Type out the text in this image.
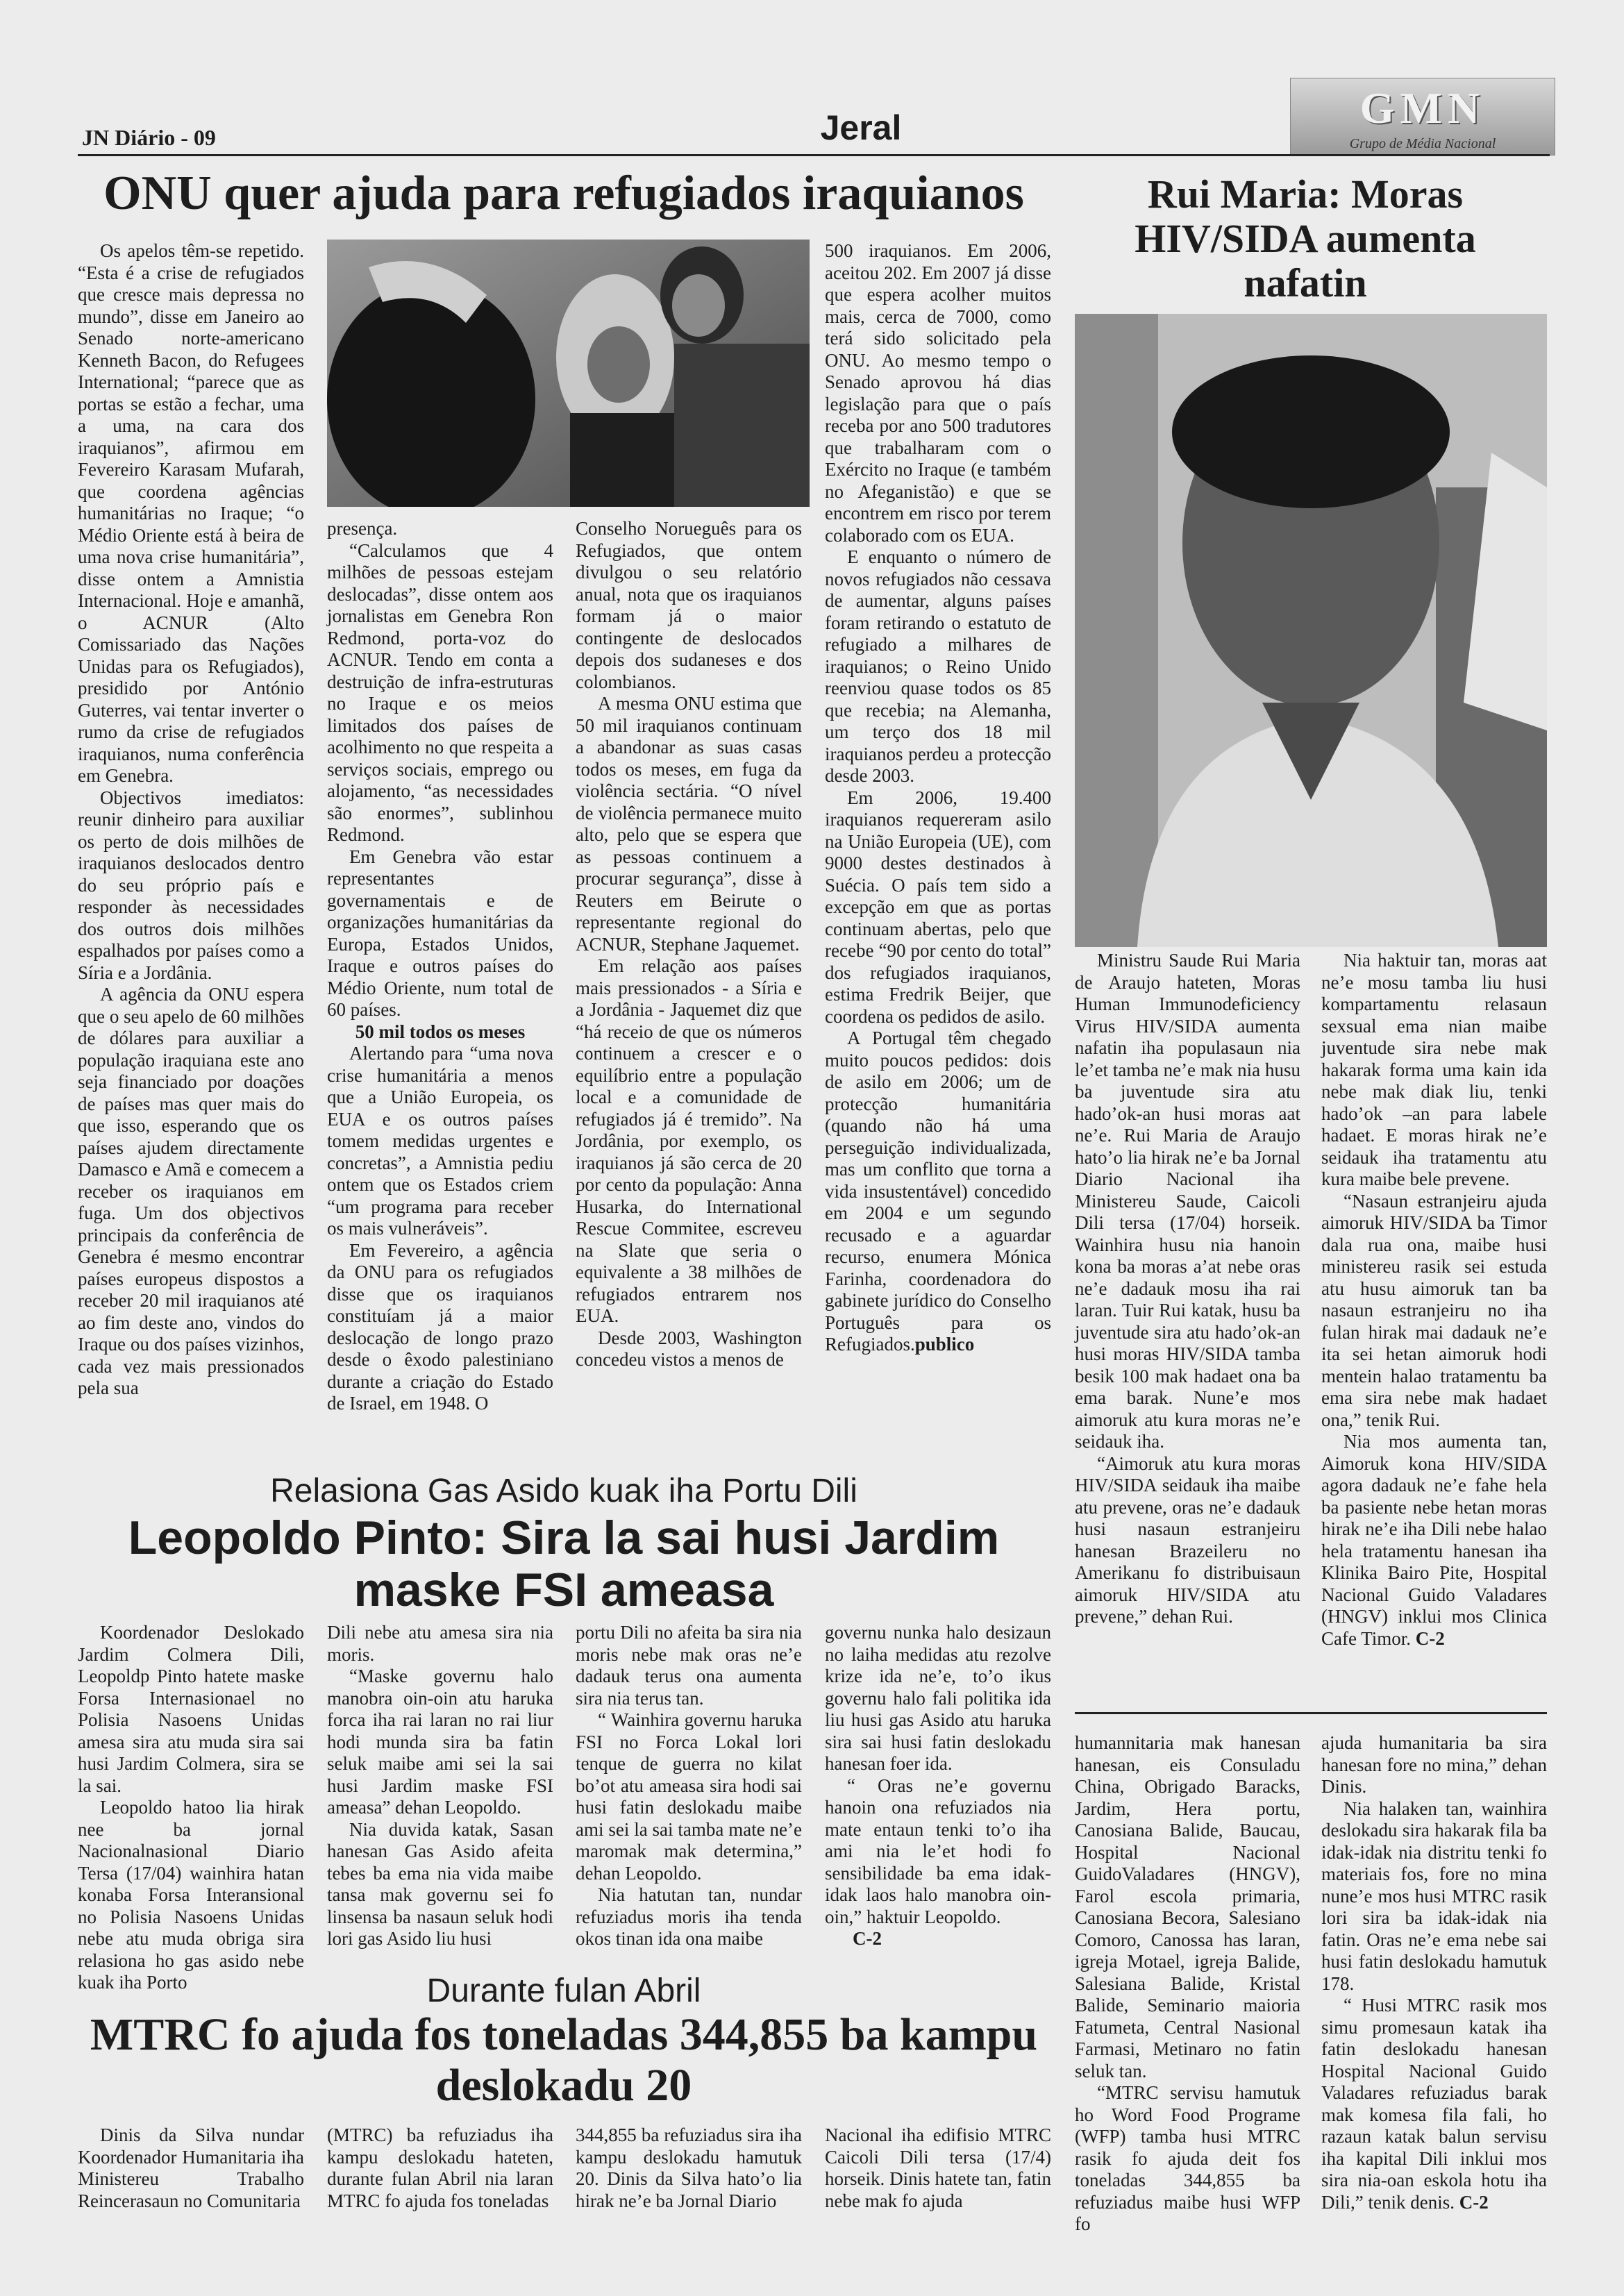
JN Diário - 09	Jeral	GMN
Grupo de Média Nacional
ONU quer ajuda para refugiados iraquianos

Os apelos têm-se repetido. “Esta é a crise de refugiados que cresce mais depressa no mundo”, disse em Janeiro ao Senado norte-americano Kenneth Bacon, do Refugees International; “parece que as portas se estão a fechar, uma a uma, na cara dos iraquianos”, afirmou em Fevereiro Karasam Mufarah, que coordena agências humanitárias no Iraque; “o Médio Oriente está à beira de uma nova crise humanitária”, disse ontem a Amnistia Internacional. Hoje e amanhã, o ACNUR (Alto Comissariado das Nações Unidas para os Refugiados), presidido por António Guterres, vai tentar inverter o rumo da crise de refugiados iraquianos, numa conferência em Genebra.

Objectivos imediatos: reunir dinheiro para auxiliar os perto de dois milhões de iraquianos deslocados dentro do seu próprio país e responder às necessidades dos outros dois milhões espalhados por países como a Síria e a Jordânia.

A agência da ONU espera que o seu apelo de 60 milhões de dólares para auxiliar a população iraquiana este ano seja financiado por doações de países mas quer mais do que isso, esperando que os países ajudem directamente Damasco e Amã e comecem a receber os iraquianos em fuga. Um dos objectivos principais da conferência de Genebra é mesmo encontrar países europeus dispostos a receber 20 mil iraquianos até ao fim deste ano, vindos do Iraque ou dos países vizinhos, cada vez mais pressionados pela sua

presença.

“Calculamos que 4 milhões de pessoas estejam deslocadas”, disse ontem aos jornalistas em Genebra Ron Redmond, porta-voz do ACNUR. Tendo em conta a destruição de infra-estruturas no Iraque e os meios limitados dos países de acolhimento no que respeita a serviços sociais, emprego ou alojamento, “as necessidades são enormes”, sublinhou Redmond.

Em Genebra vão estar representantes governamentais e de organizações humanitárias da Europa, Estados Unidos, Iraque e outros países do Médio Oriente, num total de 60 países.

50 mil todos os meses

Alertando para “uma nova crise humanitária a menos que a União Europeia, os EUA e os outros países tomem medidas urgentes e concretas”, a Amnistia pediu ontem que os Estados criem “um programa para receber os mais vulneráveis”.

Em Fevereiro, a agência da ONU para os refugiados disse que os iraquianos constituíam já a maior deslocação de longo prazo desde o êxodo palestiniano durante a criação do Estado de Israel, em 1948. O

Conselho Norueguês para os Refugiados, que ontem divulgou o seu relatório anual, nota que os iraquianos formam já o maior contingente de deslocados depois dos sudaneses e dos colombianos.

A mesma ONU estima que 50 mil iraquianos continuam a abandonar as suas casas todos os meses, em fuga da violência sectária. “O nível de violência permanece muito alto, pelo que se espera que as pessoas continuem a procurar segurança”, disse à Reuters em Beirute o representante regional do ACNUR, Stephane Jaquemet.

Em relação aos países mais pressionados - a Síria e a Jordânia - Jaquemet diz que “há receio de que os números continuem a crescer e o equilíbrio entre a população local e a comunidade de refugiados já é tremido”. Na Jordânia, por exemplo, os iraquianos já são cerca de 20 por cento da população: Anna Husarka, do International Rescue Commitee, escreveu na Slate que seria o equivalente a 38 milhões de refugiados entrarem nos EUA.

Desde 2003, Washington concedeu vistos a menos de

500 iraquianos. Em 2006, aceitou 202. Em 2007 já disse que espera acolher muitos mais, cerca de 7000, como terá sido solicitado pela ONU. Ao mesmo tempo o Senado aprovou há dias legislação para que o país receba por ano 500 tradutores que trabalharam com o Exército no Iraque (e também no Afeganistão) e que se encontrem em risco por terem colaborado com os EUA.

E enquanto o número de novos refugiados não cessava de aumentar, alguns países foram retirando o estatuto de refugiado a milhares de iraquianos; o Reino Unido reenviou quase todos os 85 que recebia; na Alemanha, um terço dos 18 mil iraquianos perdeu a protecção desde 2003.

Em 2006, 19.400 iraquianos requereram asilo na União Europeia (UE), com 9000 destes destinados à Suécia. O país tem sido a excepção em que as portas continuam abertas, pelo que recebe “90 por cento do total” dos refugiados iraquianos, estima Fredrik Beijer, que coordena os pedidos de asilo.

A Portugal têm chegado muito poucos pedidos: dois de asilo em 2006; um de protecção humanitária (quando não há uma perseguição individualizada, mas um conflito que torna a vida insustentável) concedido em 2004 e um segundo recusado e a aguardar recurso, enumera Mónica Farinha, coordenadora do gabinete jurídico do Conselho Português para os Refugiados.publico

Rui Maria: Moras HIV/SIDA aumenta nafatin

Ministru Saude Rui Maria de Araujo hateten, Moras Human Immunodeficiency Virus HIV/SIDA aumenta nafatin iha populasaun nia le’et tamba ne’e mak nia husu ba juventude sira atu hado’ok-an husi moras aat ne’e. Rui Maria de Araujo hato’o lia hirak ne’e ba Jornal Diario Nacional iha Ministereu Saude, Caicoli Dili tersa (17/04) horseik. Wainhira husu nia hanoin kona ba moras a’at nebe oras ne’e dadauk mosu iha rai laran. Tuir Rui katak, husu ba juventude sira atu hado’ok-an husi moras HIV/SIDA tamba besik 100 mak hadaet ona ba ema barak. Nune’e mos aimoruk atu kura moras ne’e seidauk iha.

“Aimoruk atu kura moras HIV/SIDA seidauk iha maibe atu prevene, oras ne’e dadauk husi nasaun estranjeiru hanesan Brazeileru no Amerikanu fo distribuisaun aimoruk HIV/SIDA atu prevene,” dehan Rui.

Nia haktuir tan, moras aat ne’e mosu tamba liu husi kompartamentu relasaun sexsual ema nian maibe juventude sira nebe mak hakarak forma uma kain ida nebe mak diak liu, tenki hado’ok –an para labele hadaet. E moras hirak ne’e seidauk iha tratamentu atu kura maibe bele prevene.

“Nasaun estranjeiru ajuda aimoruk HIV/SIDA ba Timor dala rua ona, maibe husi ministereu rasik sei estuda atu husu aimoruk tan ba nasaun estranjeiru no iha fulan hirak mai dadauk ne’e ita sei hetan aimoruk hodi mentein halao tratamentu ba ema sira nebe mak hadaet ona,” tenik Rui.

Nia mos aumenta tan, Aimoruk kona HIV/SIDA agora dadauk ne’e fahe hela ba pasiente nebe hetan moras hirak ne’e iha Dili nebe halao hela tratamentu hanesan iha Klinika Bairo Pite, Hospital Nacional Guido Valadares (HNGV) inklui mos Clinica Cafe Timor. C-2

Relasiona Gas Asido kuak iha Portu Dili
Leopoldo Pinto: Sira la sai husi Jardim maske FSI ameasa

Koordenador Deslokado Jardim Colmera Dili, Leopoldp Pinto hatete maske Forsa Internasionael no Polisia Nasoens Unidas amesa sira atu muda sira sai husi Jardim Colmera, sira se la sai.

Leopoldo hatoo lia hirak nee ba jornal Nacionalnasional Diario Tersa (17/04) wainhira hatan konaba Forsa Interansional no Polisia Nasoens Unidas nebe atu muda obriga sira relasiona ho gas asido nebe kuak iha Porto

Dili nebe atu amesa sira nia moris.

“Maske governu halo manobra oin-oin atu haruka forca iha rai laran no rai liur hodi munda sira ba fatin seluk maibe ami sei la sai husi Jardim maske FSI ameasa” dehan Leopoldo.

Nia duvida katak, Sasan hanesan Gas Asido afeita tebes ba ema nia vida maibe tansa mak governu sei fo linsensa ba nasaun seluk hodi lori gas Asido liu husi

portu Dili no afeita ba sira nia moris nebe mak oras ne’e dadauk terus ona aumenta sira nia terus tan.

“ Wainhira governu haruka FSI no Forca Lokal lori tenque de guerra no kilat bo’ot atu ameasa sira hodi sai husi fatin deslokadu maibe ami sei la sai tamba mate ne’e maromak mak determina,” dehan Leopoldo.

Nia hatutan tan, nundar refuziadus moris iha tenda okos tinan ida ona maibe

governu nunka halo desizaun no laiha medidas atu rezolve krize ida ne’e, to’o ikus governu halo fali politika ida liu husi gas Asido atu haruka sira sai husi fatin deslokadu hanesan foer ida.

“ Oras ne’e governu hanoin ona refuziados nia mate entaun tenki to’o iha ami nia le’et hodi fo sensibilidade ba ema idak-idak laos halo manobra oin-oin,” haktuir Leopoldo.

C-2

Durante fulan Abril
MTRC fo ajuda fos toneladas 344,855 ba kampu deslokadu 20

Dinis da Silva nundar Koordenador Humanitaria iha Ministereu Trabalho Reincerasaun no Comunitaria

(MTRC) ba refuziadus iha kampu deslokadu hateten, durante fulan Abril nia laran MTRC fo ajuda fos toneladas

344,855 ba refuziadus sira iha kampu deslokadu hamutuk 20. Dinis da Silva hato’o lia hirak ne’e ba Jornal Diario

Nacional iha edifisio MTRC Caicoli Dili tersa (17/4) horseik. Dinis hatete tan, fatin nebe mak fo ajuda

humannitaria mak hanesan hanesan, eis Consuladu China, Obrigado Baracks, Jardim, Hera portu, Canosiana Balide, Baucau, Hospital Nacional GuidoValadares (HNGV), Farol escola primaria, Canosiana Becora, Salesiano Comoro, Canossa has laran, igreja Motael, igreja Balide, Salesiana Balide, Kristal Balide, Seminario maioria Fatumeta, Central Nasional Farmasi, Metinaro no fatin seluk tan.

“MTRC servisu hamutuk ho Word Food Programe (WFP) tamba husi MTRC rasik fo ajuda deit fos toneladas 344,855 ba refuziadus maibe husi WFP fo

ajuda humanitaria ba sira hanesan fore no mina,” dehan Dinis.

Nia halaken tan, wainhira deslokadu sira hakarak fila ba idak-idak nia distritu tenki fo materiais fos, fore no mina nune’e mos husi MTRC rasik lori sira ba idak-idak nia fatin. Oras ne’e ema nebe sai husi fatin deslokadu hamutuk 178.

“ Husi MTRC rasik mos simu promesaun katak iha fatin deslokadu hanesan Hospital Nacional Guido Valadares refuziadus barak mak komesa fila fali, ho razaun katak balun servisu iha kapital Dili inklui mos sira nia-oan eskola hotu iha Dili,” tenik denis. C-2
